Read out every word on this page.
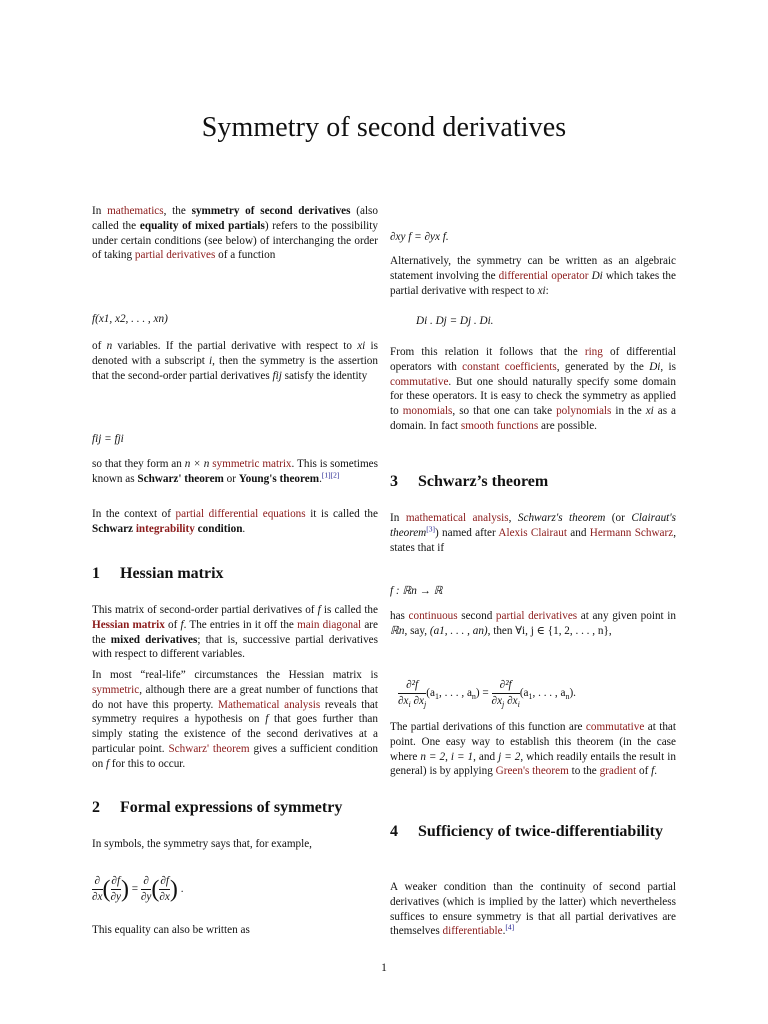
Symmetry of second derivatives

In mathematics, the symmetry of second derivatives (also called the equality of mixed partials) refers to the possibility under certain conditions (see below) of interchanging the order of taking partial derivatives of a function

f(x1, x2, . . . , xn)

of n variables. If the partial derivative with respect to xi is denoted with a subscript i, then the symmetry is the assertion that the second-order partial derivatives fij satisfy the identity

fij = fji

so that they form an n × n symmetric matrix. This is sometimes known as Schwarz' theorem or Young's theorem.[1][2]

In the context of partial differential equations it is called the Schwarz integrability condition.

1 Hessian matrix

This matrix of second-order partial derivatives of f is called the Hessian matrix of f. The entries in it off the main diagonal are the mixed derivatives; that is, successive partial derivatives with respect to different variables.

In most “real-life” circumstances the Hessian matrix is symmetric, although there are a great number of functions that do not have this property. Mathematical analysis reveals that symmetry requires a hypothesis on f that goes further than simply stating the existence of the second derivatives at a particular point. Schwarz' theorem gives a sufficient condition on f for this to occur.

2 Formal expressions of symmetry

In symbols, the symmetry says that, for example,

$\frac{\partial}{\partial x}$ ( $\frac{\partial f}{\partial y}$ ) = $\frac{\partial}{\partial y}$ ( $\frac{\partial f}{\partial x}$ ) .

This equality can also be written as

∂xy f = ∂yx f.

Alternatively, the symmetry can be written as an algebraic statement involving the differential operator Di which takes the partial derivative with respect to xi:

Di . Dj = Dj . Di.

From this relation it follows that the ring of differential operators with constant coefficients, generated by the Di, is commutative. But one should naturally specify some domain for these operators. It is easy to check the symmetry as applied to monomials, so that one can take polynomials in the xi as a domain. In fact smooth functions are possible.

3 Schwarz’s theorem

In mathematical analysis, Schwarz's theorem (or Clairaut's theorem[3]) named after Alexis Clairaut and Hermann Schwarz, states that if

f : ℝn → ℝ

has continuous second partial derivatives at any given point in ℝn, say, (a1, . . . , an), then ∀i, j ∈ {1, 2, . . . , n},

$\frac{\text{∂²f}}{\partial x_i \partial x_j} (a_1$, . . . , $a_n) = \frac{\text{∂²f}}{\partial x_j \partial x_i} (a_1$, . . . , $a_n$).

The partial derivations of this function are commutative at that point. One easy way to establish this theorem (in the case where n = 2, i = 1, and j = 2, which readily entails the result in general) is by applying Green's theorem to the gradient of f.

4	Sufficiency of twice-differentiability

A weaker condition than the continuity of second partial derivatives (which is implied by the latter) which nevertheless suffices to ensure symmetry is that all partial derivatives are themselves differentiable.[4]

1
